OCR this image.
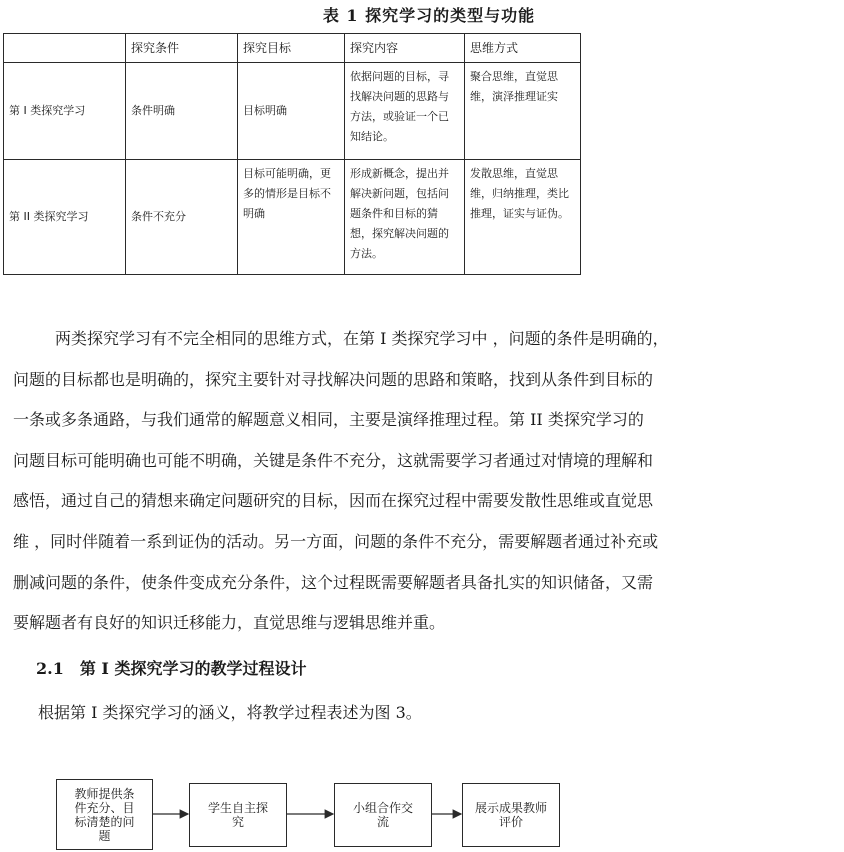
表 1 探究学习的类型与功能
	探究条件	探究目标	探究内容	思维方式
第 I 类探究学习	条件明确	目标明确	依据问题的目标，寻找解决问题的思路与方法，或验证一个已知结论。	聚合思维，直觉思维，演泽推理证实
第 II 类探究学习	条件不充分	目标可能明确，更多的情形是目标不明确	形成新概念，提出并解决新问题，包括问题条件和目标的猜想，探究解决问题的方法。	发散思维，直觉思维，归纳推理，类比推理，证实与证伪。
两类探究学习有不完全相同的思维方式，在第 I 类探究学习中 ，问题的条件是明确的，
问题的目标都也是明确的，探究主要针对寻找解决问题的思路和策略，找到从条件到目标的
一条或多条通路，与我们通常的解题意义相同，主要是演绎推理过程。第 II 类探究学习的
问题目标可能明确也可能不明确，关键是条件不充分，这就需要学习者通过对情境的理解和
感悟，通过自己的猜想来确定问题研究的目标，因而在探究过程中需要发散性思维或直觉思
维 ，同时伴随着一系到证伪的活动。另一方面，问题的条件不充分，需要解题者通过补充或
删减问题的条件，使条件变成充分条件，这个过程既需要解题者具备扎实的知识储备，又需
要解题者有良好的知识迁移能力，直觉思维与逻辑思维并重。
2.1　第 I 类探究学习的教学过程设计
根据第 I 类探究学习的涵义，将教学过程表述为图 3。
教师提供条
件充分、目
标清楚的问
题
学生自主探
究
小组合作交
流
展示成果教师
评价
